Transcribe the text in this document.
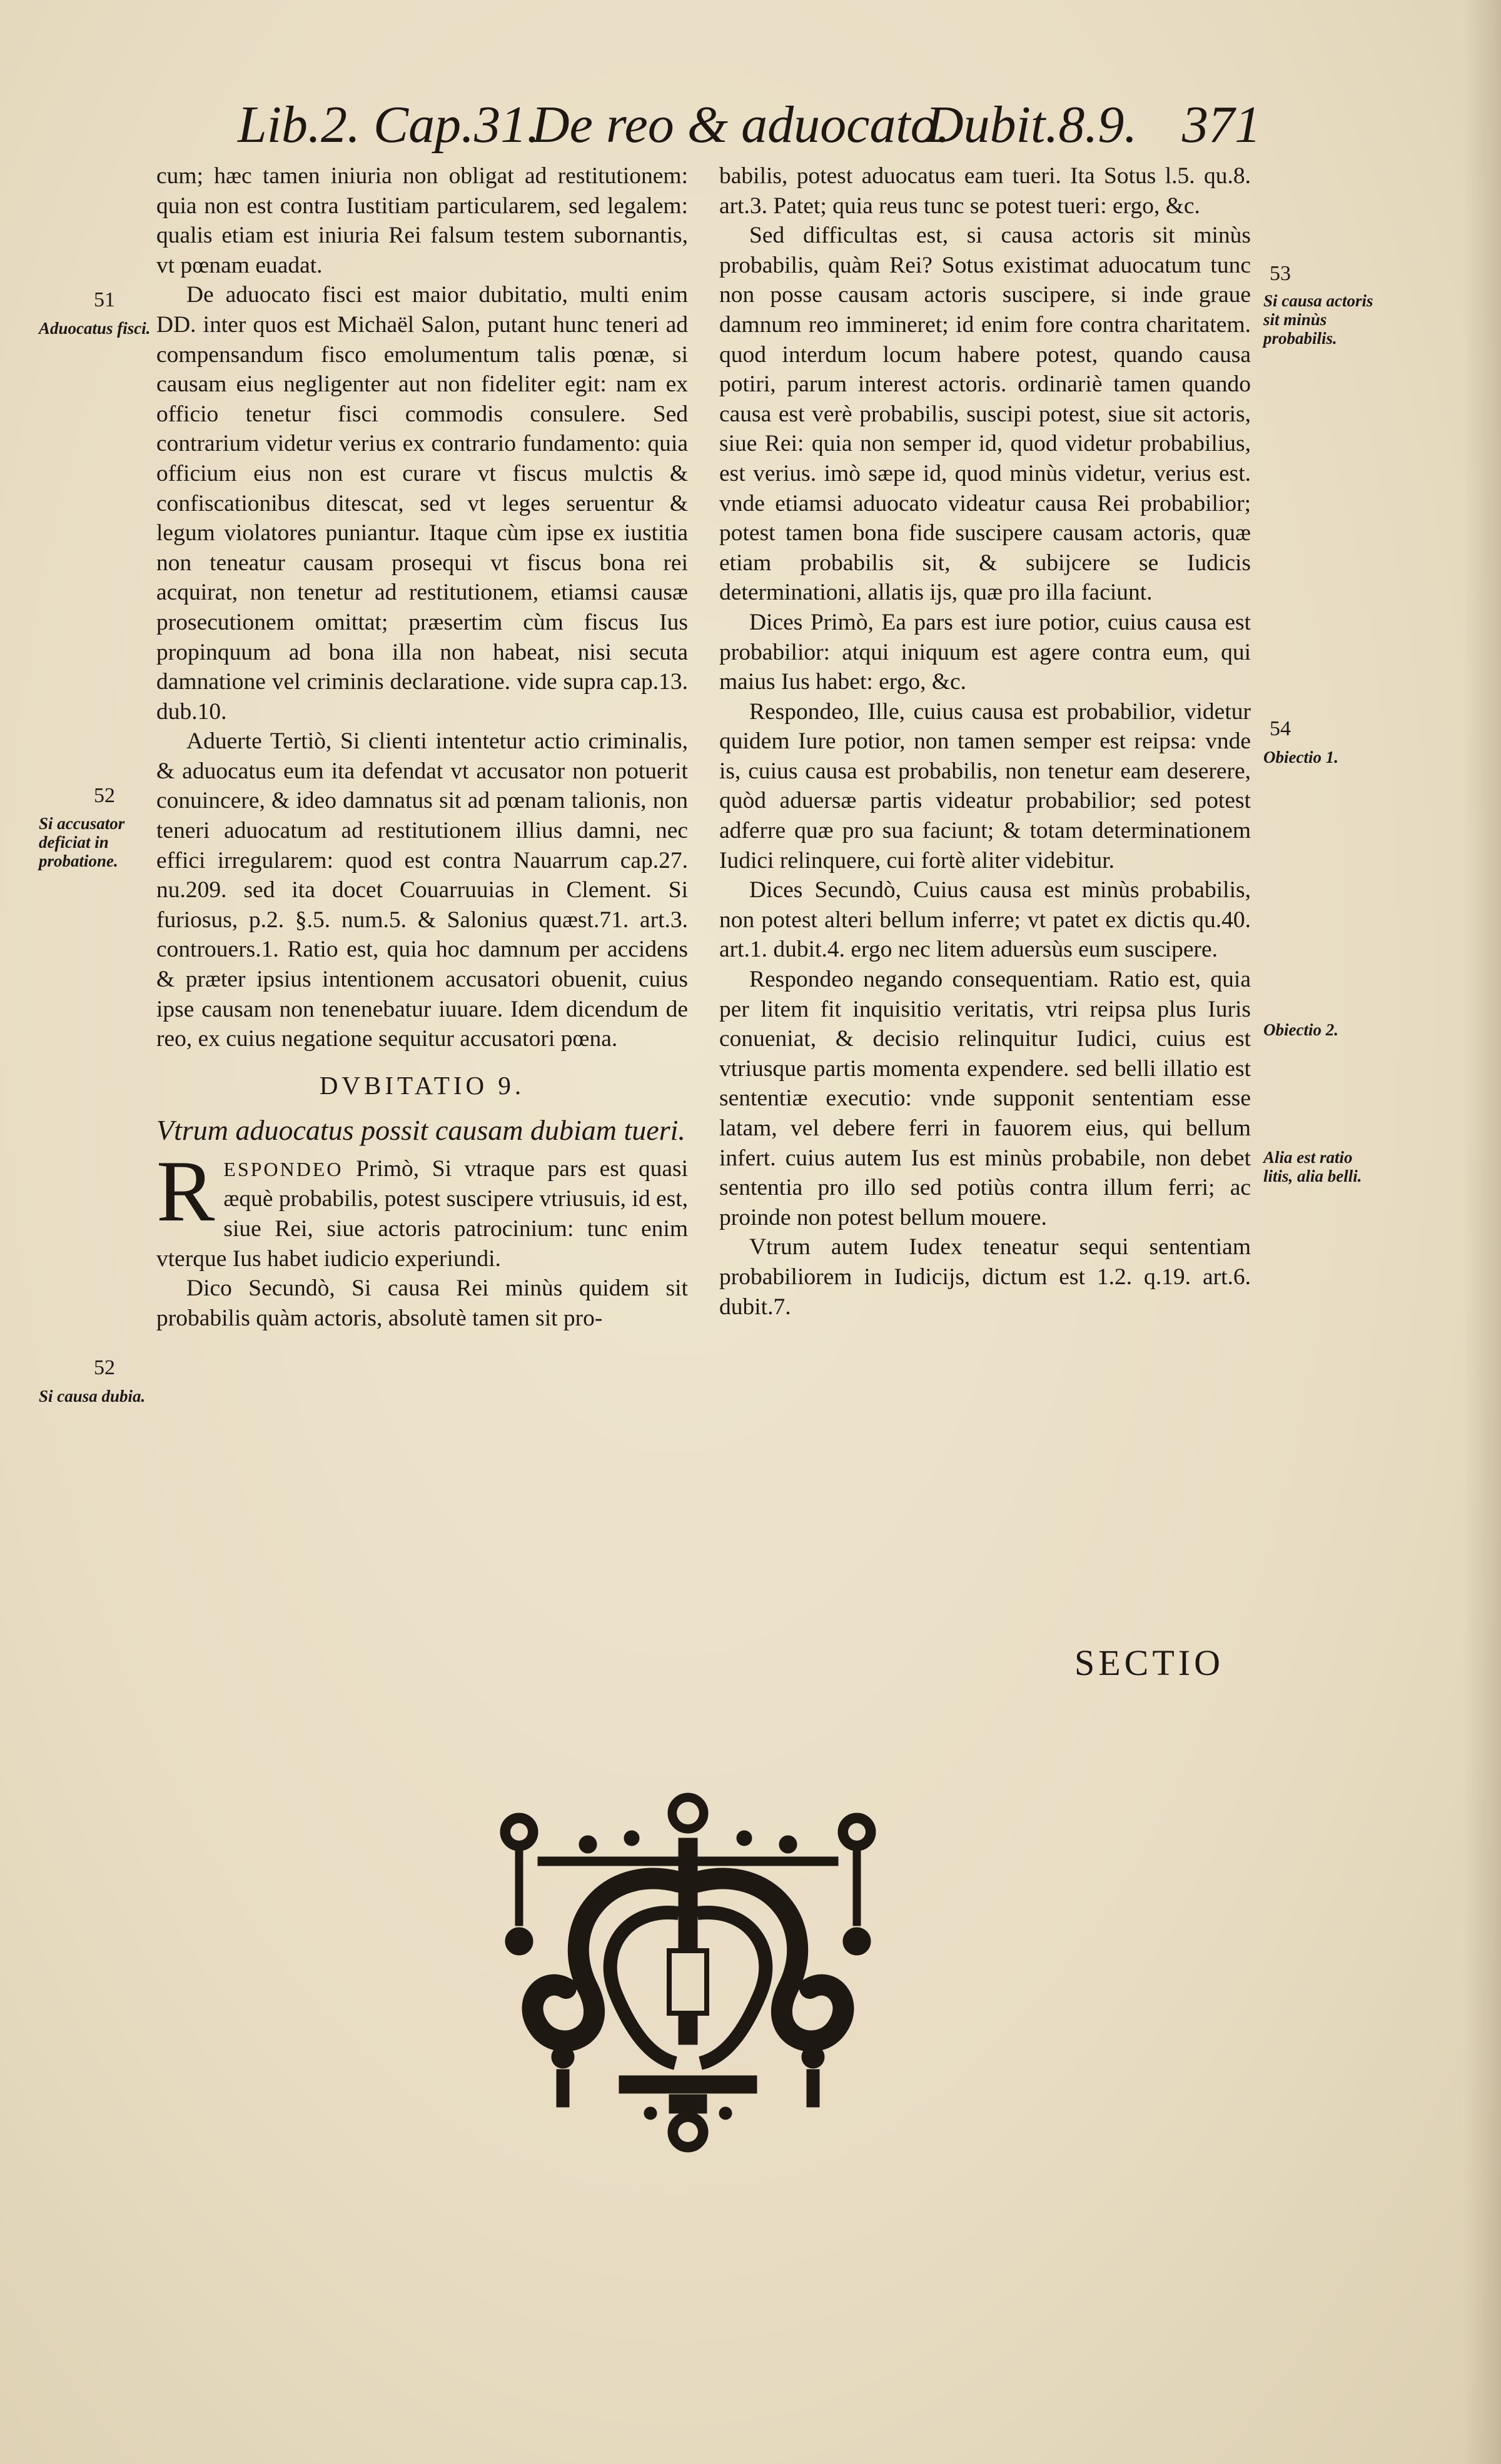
Lib.2. Cap.31.
De reo & aduocato.
Dubit.8.9. 371
51
Aduocatus fisci.
52
Si accusator deficiat in probatione.
52
Si causa dubia.
53
Si causa actoris sit minùs probabilis.
54
Obiectio 1.
Obiectio 2.
Alia est ratio litis, alia belli.

cum; hæc tamen iniuria non obligat ad restitutionem: quia non est contra Iustitiam particularem, sed legalem: qualis etiam est iniuria Rei falsum testem subornantis, vt pœnam euadat.

De aduocato fisci est maior dubitatio, multi enim DD. inter quos est Michaël Salon, putant hunc teneri ad compensandum fisco emolumentum talis pœnæ, si causam eius negligenter aut non fideliter egit: nam ex officio tenetur fisci commodis consulere. Sed contrarium videtur verius ex contrario fundamento: quia officium eius non est curare vt fiscus mulctis & confiscationibus ditescat, sed vt leges seruentur & legum violatores puniantur. Itaque cùm ipse ex iustitia non teneatur causam prosequi vt fiscus bona rei acquirat, non tenetur ad restitutionem, etiamsi causæ prosecutionem omittat; præsertim cùm fiscus Ius propinquum ad bona illa non habeat, nisi secuta damnatione vel criminis declaratione. vide supra cap.13. dub.10.

Aduerte Tertiò, Si clienti intentetur actio criminalis, & aduocatus eum ita defendat vt accusator non potuerit conuincere, & ideo damnatus sit ad pœnam talionis, non teneri aduocatum ad restitutionem illius damni, nec effici irregularem: quod est contra Nauarrum cap.27. nu.209. sed ita docet Couarruuias in Clement. Si furiosus, p.2. §.5. num.5. & Salonius quæst.71. art.3. controuers.1. Ratio est, quia hoc damnum per accidens & præter ipsius intentionem accusatori obuenit, cuius ipse causam non tenenebatur iuuare. Idem dicendum de reo, ex cuius negatione sequitur accusatori pœna.

DVBITATIO 9.

Vtrum aduocatus possit causam dubiam tueri.

RESPONDEO Primò, Si vtraque pars est quasi æquè probabilis, potest suscipere vtriusuis, id est, siue Rei, siue actoris patrocinium: tunc enim vterque Ius habet iudicio experiundi.

Dico Secundò, Si causa Rei minùs quidem sit probabilis quàm actoris, absolutè tamen sit pro-

babilis, potest aduocatus eam tueri. Ita Sotus l.5. qu.8. art.3. Patet; quia reus tunc se potest tueri: ergo, &c.

Sed difficultas est, si causa actoris sit minùs probabilis, quàm Rei? Sotus existimat aduocatum tunc non posse causam actoris suscipere, si inde graue damnum reo immineret; id enim fore contra charitatem. quod interdum locum habere potest, quando causa potiri, parum interest actoris. ordinariè tamen quando causa est verè probabilis, suscipi potest, siue sit actoris, siue Rei: quia non semper id, quod videtur probabilius, est verius. imò sæpe id, quod minùs videtur, verius est. vnde etiamsi aduocato videatur causa Rei probabilior; potest tamen bona fide suscipere causam actoris, quæ etiam probabilis sit, & subijcere se Iudicis determinationi, allatis ijs, quæ pro illa faciunt.

Dices Primò, Ea pars est iure potior, cuius causa est probabilior: atqui iniquum est agere contra eum, qui maius Ius habet: ergo, &c.

Respondeo, Ille, cuius causa est probabilior, videtur quidem Iure potior, non tamen semper est reipsa: vnde is, cuius causa est probabilis, non tenetur eam deserere, quòd aduersæ partis videatur probabilior; sed potest adferre quæ pro sua faciunt; & totam determinationem Iudici relinquere, cui fortè aliter videbitur.

Dices Secundò, Cuius causa est minùs probabilis, non potest alteri bellum inferre; vt patet ex dictis qu.40. art.1. dubit.4. ergo nec litem aduersùs eum suscipere.

Respondeo negando consequentiam. Ratio est, quia per litem fit inquisitio veritatis, vtri reipsa plus Iuris conueniat, & decisio relinquitur Iudici, cuius est vtriusque partis momenta expendere. sed belli illatio est sententiæ executio: vnde supponit sententiam esse latam, vel debere ferri in fauorem eius, qui bellum infert. cuius autem Ius est minùs probabile, non debet sententia pro illo sed potiùs contra illum ferri; ac proinde non potest bellum mouere.

Vtrum autem Iudex teneatur sequi sententiam probabiliorem in Iudicijs, dictum est 1.2. q.19. art.6. dubit.7.

SECTIO
